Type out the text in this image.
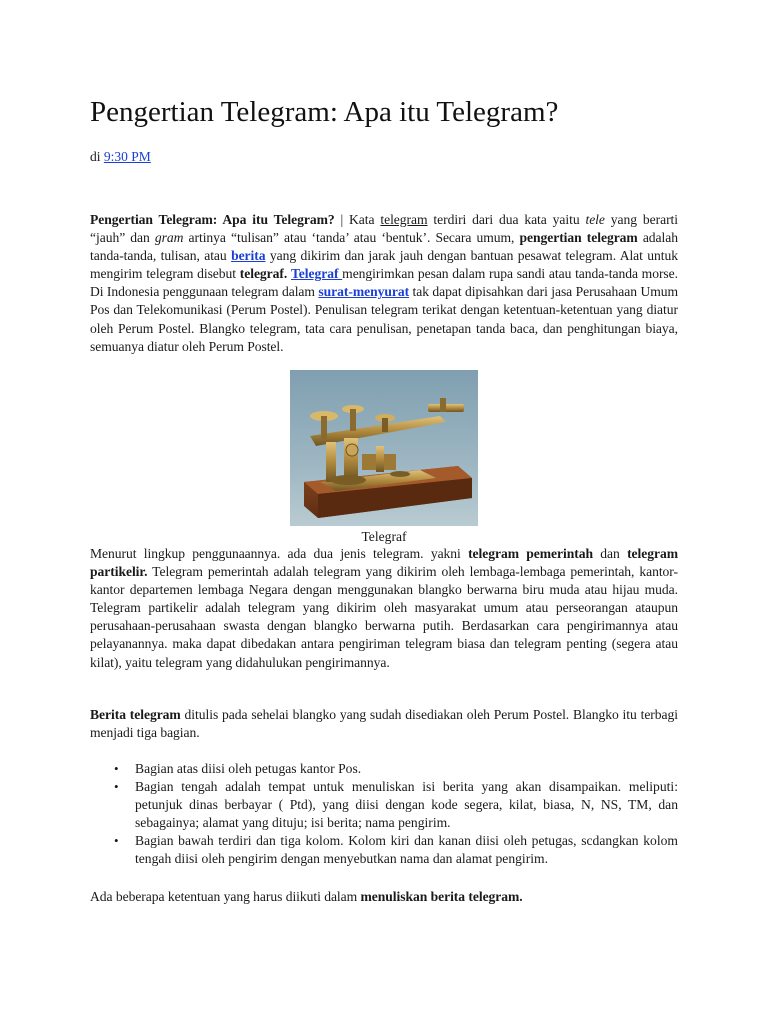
Pengertian Telegram: Apa itu Telegram?
di 9:30 PM

Pengertian Telegram: Apa itu Telegram? | Kata telegram terdiri dari dua kata yaitu tele yang berarti “jauh” dan gram artinya “tulisan” atau ‘tanda’ atau ‘bentuk’. Secara umum, pengertian telegram adalah tanda-tanda, tulisan, atau berita yang dikirim dan jarak jauh dengan bantuan pesawat telegram. Alat untuk mengirim telegram disebut telegraf. Telegraf mengirimkan pesan dalam rupa sandi atau tanda-tanda morse. Di Indonesia penggunaan telegram dalam surat-menyurat tak dapat dipisahkan dari jasa Perusahaan Umum Pos dan Telekomunikasi (Perum Postel). Penulisan telegram terikat dengan ketentuan-ketentuan yang diatur oleh Perum Postel. Blangko telegram, tata cara penulisan, penetapan tanda baca, dan penghitungan biaya, semuanya diatur oleh Perum Postel.

Telegraf

Menurut lingkup penggunaannya. ada dua jenis telegram. yakni telegram pemerintah dan telegram partikelir. Telegram pemerintah adalah telegram yang dikirim oleh lembaga-lembaga pemerintah, kantor-kantor departemen lembaga Negara dengan menggunakan blangko berwarna biru muda atau hijau muda. Telegram partikelir adalah telegram yang dikirim oleh masyarakat umum atau perseorangan ataupun perusahaan-perusahaan swasta dengan blangko berwarna putih. Berdasarkan cara pengirimannya atau pelayanannya. maka dapat dibedakan antara pengiriman telegram biasa dan telegram penting (segera atau kilat), yaitu telegram yang didahulukan pengirimannya.

Berita telegram ditulis pada sehelai blangko yang sudah disediakan oleh Perum Postel. Blangko itu terbagi menjadi tiga bagian.

• Bagian atas diisi oleh petugas kantor Pos.
• Bagian tengah adalah tempat untuk menuliskan isi berita yang akan disampaikan. meliputi: petunjuk dinas berbayar ( Ptd), yang diisi dengan kode segera, kilat, biasa, N, NS, TM, dan sebagainya; alamat yang dituju; isi berita; nama pengirim.
• Bagian bawah terdiri dan tiga kolom. Kolom kiri dan kanan diisi oleh petugas, scdangkan kolom tengah diisi oleh pengirim dengan menyebutkan nama dan alamat pengirim.

Ada beberapa ketentuan yang harus diikuti dalam menuliskan berita telegram.
